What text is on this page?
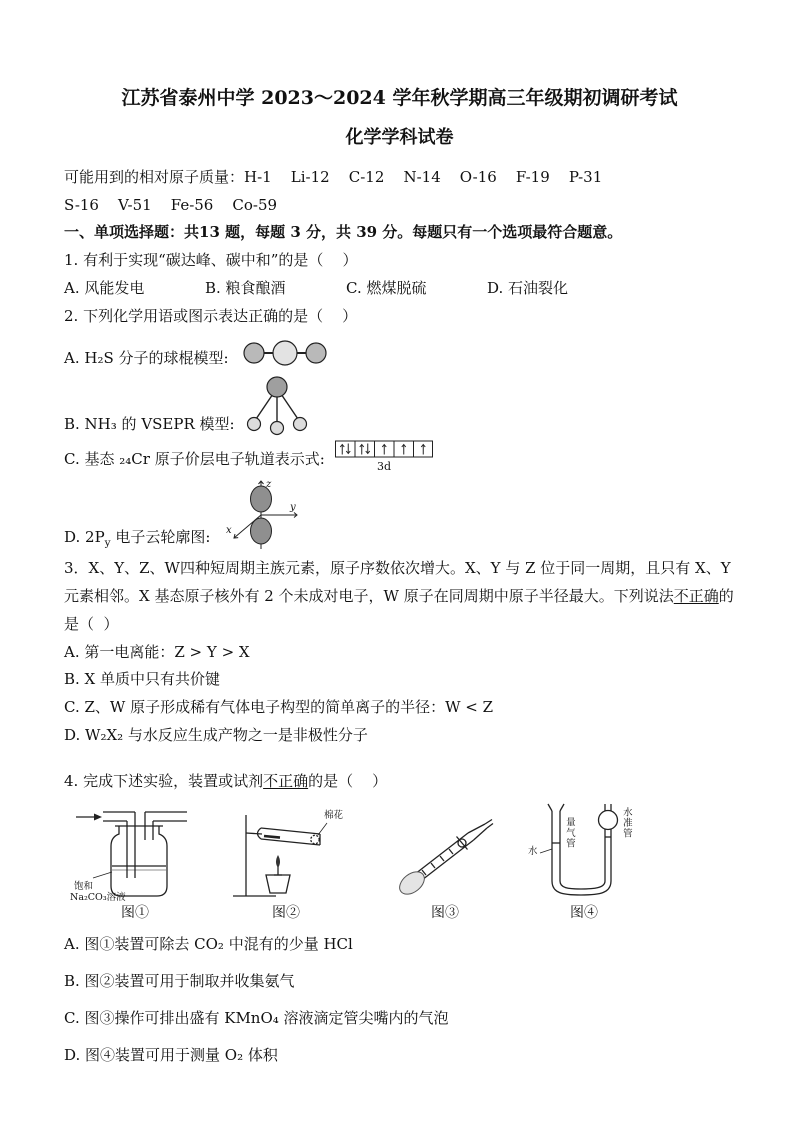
江苏省泰州中学 2023～2024 学年秋学期高三年级期初调研考试
化学学科试卷

可能用到的相对原子质量：H-1    Li-12    C-12    N-14    O-16    F-19    P-31

S-16    V-51    Fe-56    Co-59

一、单项选择题：共13 题，每题 3 分，共 39 分。每题只有一个选项最符合题意。

1. 有利于实现“碳达峰、碳中和”的是（    ）

A. 风能发电	B. 粮食酿酒	C. 燃煤脱硫	D. 石油裂化

2. 下列化学用语或图示表达正确的是（    ）

A. H₂S 分子的球棍模型:
B. NH₃ 的 VSEPR 模型:
C. 基态 ₂₄Cr 原子价层电子轨道表示式:	3d
D. $2P_y$ 电子云轮廓图:
z
y
x

3．X、Y、Z、W四种短周期主族元素，原子序数依次增大。X、Y 与 Z 位于同一周期，且只有 X、Y 元素相邻。X 基态原子核外有 2 个未成对电子，W 原子在同周期中原子半径最大。下列说法不正确的是（  ）

A. 第一电离能：Z > Y > X

B. X 单质中只有共价键

C. Z、W 原子形成稀有气体电子构型的简单离子的半径：W < Z

D. W₂X₂ 与水反应生成产物之一是非极性分子

4. 完成下述实验，装置或试剂不正确的是（    ）

饱和
Na₂CO₃溶液
图①
棉花
图②	图③
水
水准管
量气管
图④

A. 图①装置可除去 CO₂ 中混有的少量 HCl

B. 图②装置可用于制取并收集氨气

C. 图③操作可排出盛有 KMnO₄ 溶液滴定管尖嘴内的气泡

D. 图④装置可用于测量 O₂ 体积
